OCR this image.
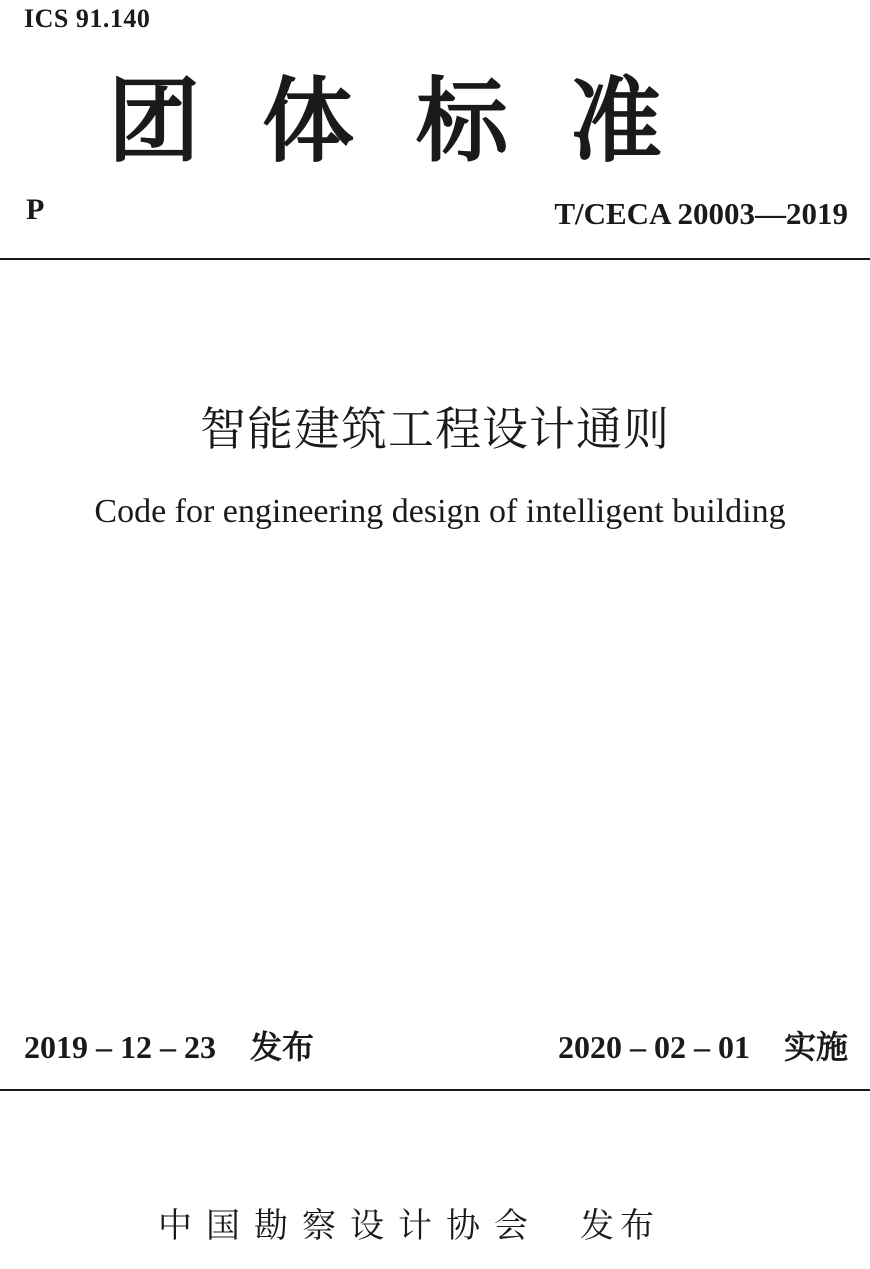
ICS 91.140
团体标准
P	T/CECA 20003—2019
智能建筑工程设计通则
Code for engineering design of intelligent building
2019 – 12 – 23 发布	2020 – 02 – 01 实施
中国勘察设计协会 发布
